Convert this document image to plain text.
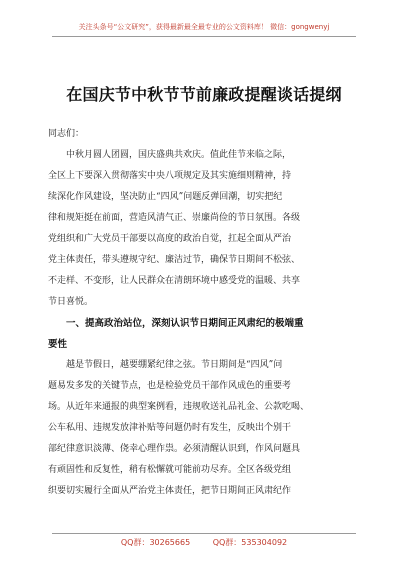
关注头条号“公文研究”，获得最新最全最专业的公文资料库！ 微信：gongwenyj
在国庆节中秋节节前廉政提醒谈话提纲
同志们：
中秋月圆人团圆，国庆盛典共欢庆。值此佳节来临之际，
全区上下要深入贯彻落实中央八项规定及其实施细则精神，持
续深化作风建设，坚决防止“四风”问题反弹回潮，切实把纪
律和规矩挺在前面，营造风清气正、崇廉尚俭的节日氛围。各级
党组织和广大党员干部要以高度的政治自觉，扛起全面从严治
党主体责任，带头遵规守纪、廉洁过节，确保节日期间不松弦、
不走样、不变形，让人民群众在清朗环境中感受党的温暖、共享
节日喜悦。
一、提高政治站位，深刻认识节日期间正风肃纪的极端重
要性
越是节假日，越要绷紧纪律之弦。节日期间是“四风”问
题易发多发的关键节点，也是检验党员干部作风成色的重要考
场。从近年来通报的典型案例看，违规收送礼品礼金、公款吃喝、
公车私用、违规发放津补贴等问题仍时有发生，反映出个别干
部纪律意识淡薄、侥幸心理作祟。必须清醒认识到，作风问题具
有顽固性和反复性，稍有松懈就可能前功尽弃。全区各级党组
织要切实履行全面从严治党主体责任，把节日期间正风肃纪作
QQ群：30265665	QQ群：535304092
